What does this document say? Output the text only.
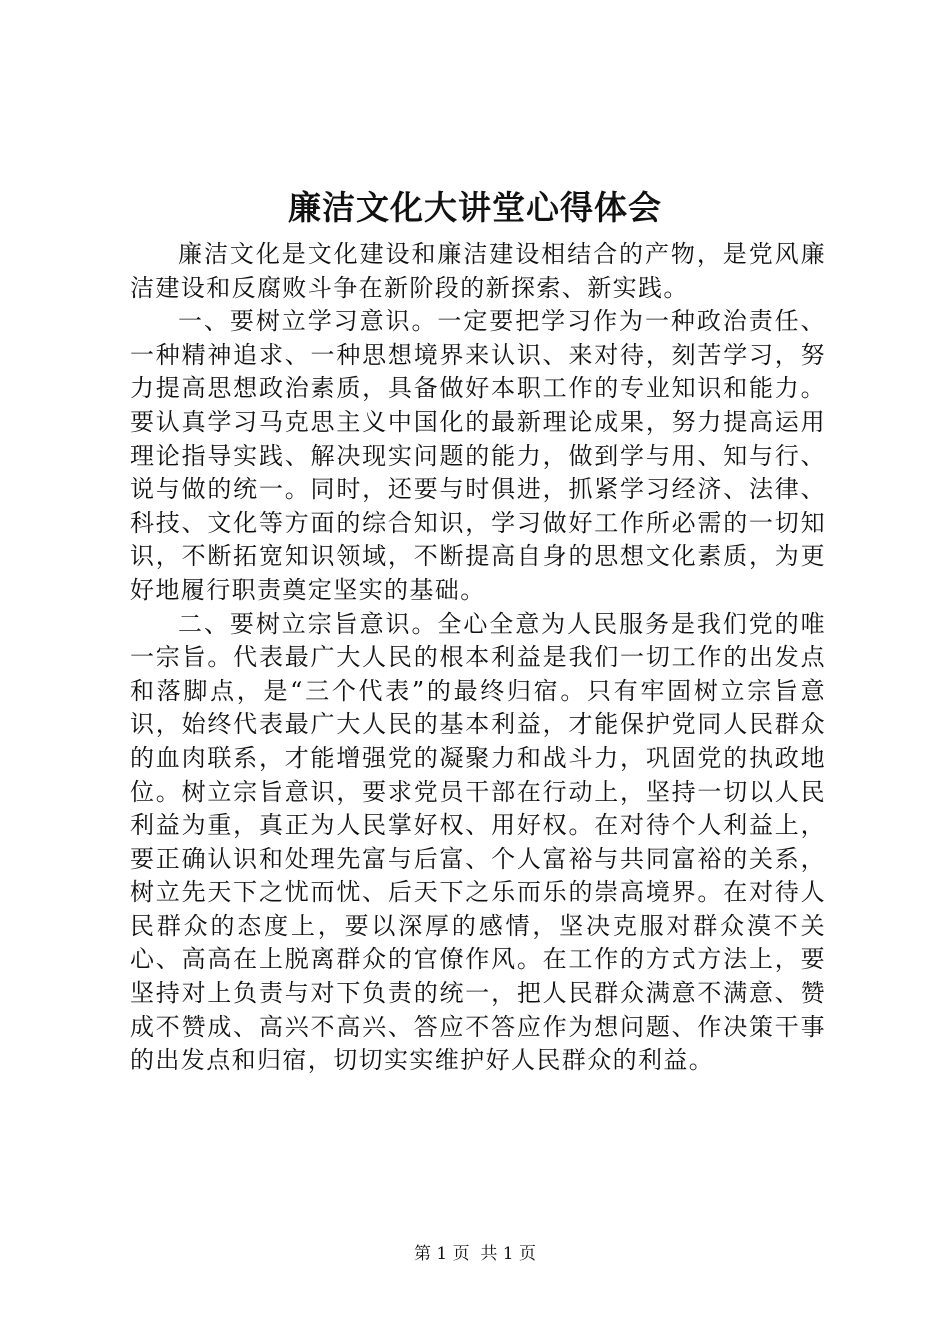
廉洁文化大讲堂心得体会

廉洁文化是文化建设和廉洁建设相结合的产物，是党风廉洁建设和反腐败斗争在新阶段的新探索、新实践。

一、要树立学习意识。一定要把学习作为一种政治责任、一种精神追求、一种思想境界来认识、来对待，刻苦学习，努力提高思想政治素质，具备做好本职工作的专业知识和能力。要认真学习马克思主义中国化的最新理论成果，努力提高运用理论指导实践、解决现实问题的能力，做到学与用、知与行、说与做的统一。同时，还要与时俱进，抓紧学习经济、法律、科技、文化等方面的综合知识，学习做好工作所必需的一切知识，不断拓宽知识领域，不断提高自身的思想文化素质，为更好地履行职责奠定坚实的基础。

二、要树立宗旨意识。全心全意为人民服务是我们党的唯一宗旨。代表最广大人民的根本利益是我们一切工作的出发点和落脚点，是“三个代表”的最终归宿。只有牢固树立宗旨意识，始终代表最广大人民的基本利益，才能保护党同人民群众的血肉联系，才能增强党的凝聚力和战斗力，巩固党的执政地位。树立宗旨意识，要求党员干部在行动上，坚持一切以人民利益为重，真正为人民掌好权、用好权。在对待个人利益上，要正确认识和处理先富与后富、个人富裕与共同富裕的关系，树立先天下之忧而忧、后天下之乐而乐的崇高境界。在对待人民群众的态度上，要以深厚的感情，坚决克服对群众漠不关心、高高在上脱离群众的官僚作风。在工作的方式方法上，要坚持对上负责与对下负责的统一，把人民群众满意不满意、赞成不赞成、高兴不高兴、答应不答应作为想问题、作决策干事的出发点和归宿，切切实实维护好人民群众的利益。

第 1 页 共 1 页
